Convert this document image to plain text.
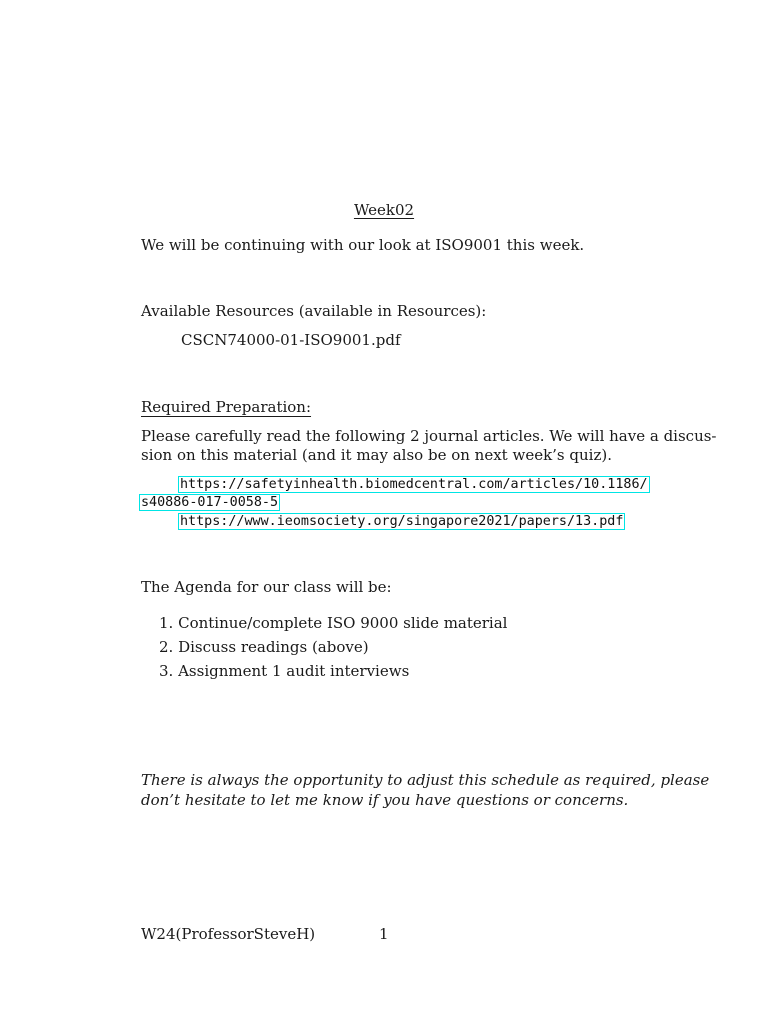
Week02
We will be continuing with our look at ISO9001 this week.
Available Resources (available in Resources):
CSCN74000-01-ISO9001.pdf
Required Preparation:
Please carefully read the following 2 journal articles. We will have a discus-
sion on this material (and it may also be on next week’s quiz).
https://safetyinhealth.biomedcentral.com/articles/10.1186/
s40886-017-0058-5
https://www.ieomsociety.org/singapore2021/papers/13.pdf
The Agenda for our class will be:
1. Continue/complete ISO 9000 slide material
2. Discuss readings (above)
3. Assignment 1 audit interviews
There is always the opportunity to adjust this schedule as required, please
don’t hesitate to let me know if you have questions or concerns.
W24(ProfessorSteveH)	1
